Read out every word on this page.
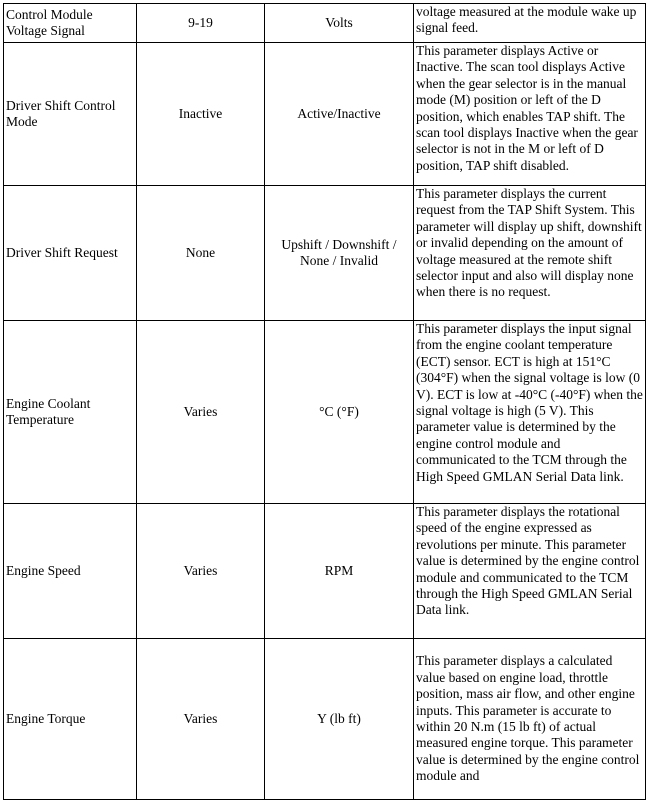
Control Module Voltage Signal	9-19	Volts	voltage measured at the module wake up signal feed.
Driver Shift Control Mode	Inactive	Active/Inactive	This parameter displays Active or Inactive. The scan tool displays Active when the gear selector is in the manual mode (M) position or left of the D position, which enables TAP shift. The scan tool displays Inactive when the gear selector is not in the M or left of D position, TAP shift disabled.
Driver Shift Request	None	Upshift / Downshift / None / Invalid	This parameter displays the current request from the TAP Shift System. This parameter will display up shift, downshift or invalid depending on the amount of voltage measured at the remote shift selector input and also will display none when there is no request.
Engine Coolant Temperature	Varies	°C (°F)	This parameter displays the input signal from the engine coolant temperature (ECT) sensor. ECT is high at 151°C (304°F) when the signal voltage is low (0 V). ECT is low at -40°C (-40°F) when the signal voltage is high (5 V). This parameter value is determined by the engine control module and communicated to the TCM through the High Speed GMLAN Serial Data link.
Engine Speed	Varies	RPM	This parameter displays the rotational speed of the engine expressed as revolutions per minute. This parameter value is determined by the engine control module and communicated to the TCM through the High Speed GMLAN Serial Data link.
Engine Torque	Varies	Y (lb ft)	This parameter displays a calculated value based on engine load, throttle position, mass air flow, and other engine inputs. This parameter is accurate to within 20 N.m (15 lb ft) of actual measured engine torque. This parameter value is determined by the engine control module and
